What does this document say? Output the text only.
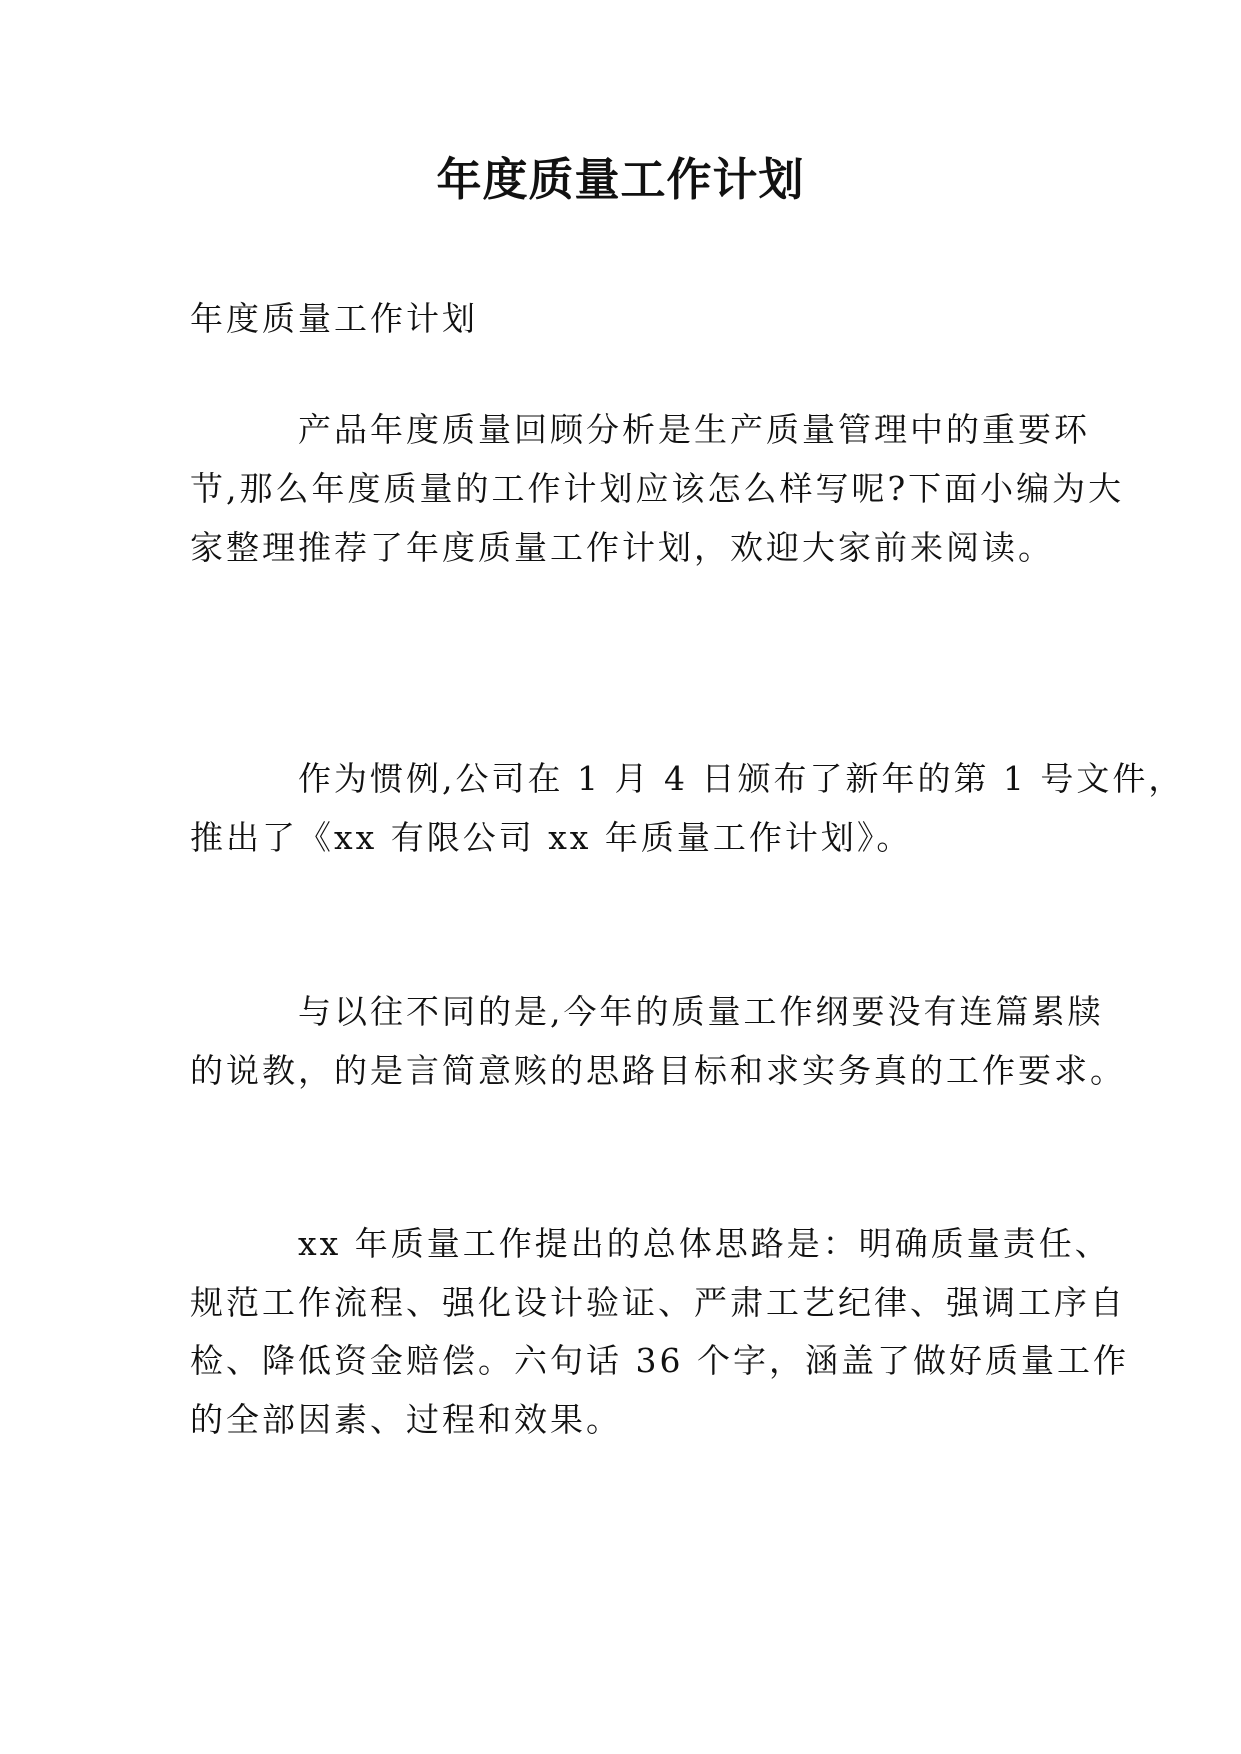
年度质量工作计划
年度质量工作计划
产品年度质量回顾分析是生产质量管理中的重要环
节,那么年度质量的工作计划应该怎么样写呢?下面小编为大
家整理推荐了年度质量工作计划，欢迎大家前来阅读。
作为惯例,公司在 1 月 4 日颁布了新年的第 1 号文件，
推出了《xx 有限公司 xx 年质量工作计划》。
与以往不同的是,今年的质量工作纲要没有连篇累牍
的说教，的是言简意赅的思路目标和求实务真的工作要求。
xx 年质量工作提出的总体思路是：明确质量责任、
规范工作流程、强化设计验证、严肃工艺纪律、强调工序自
检、降低资金赔偿。六句话 36 个字，涵盖了做好质量工作
的全部因素、过程和效果。
